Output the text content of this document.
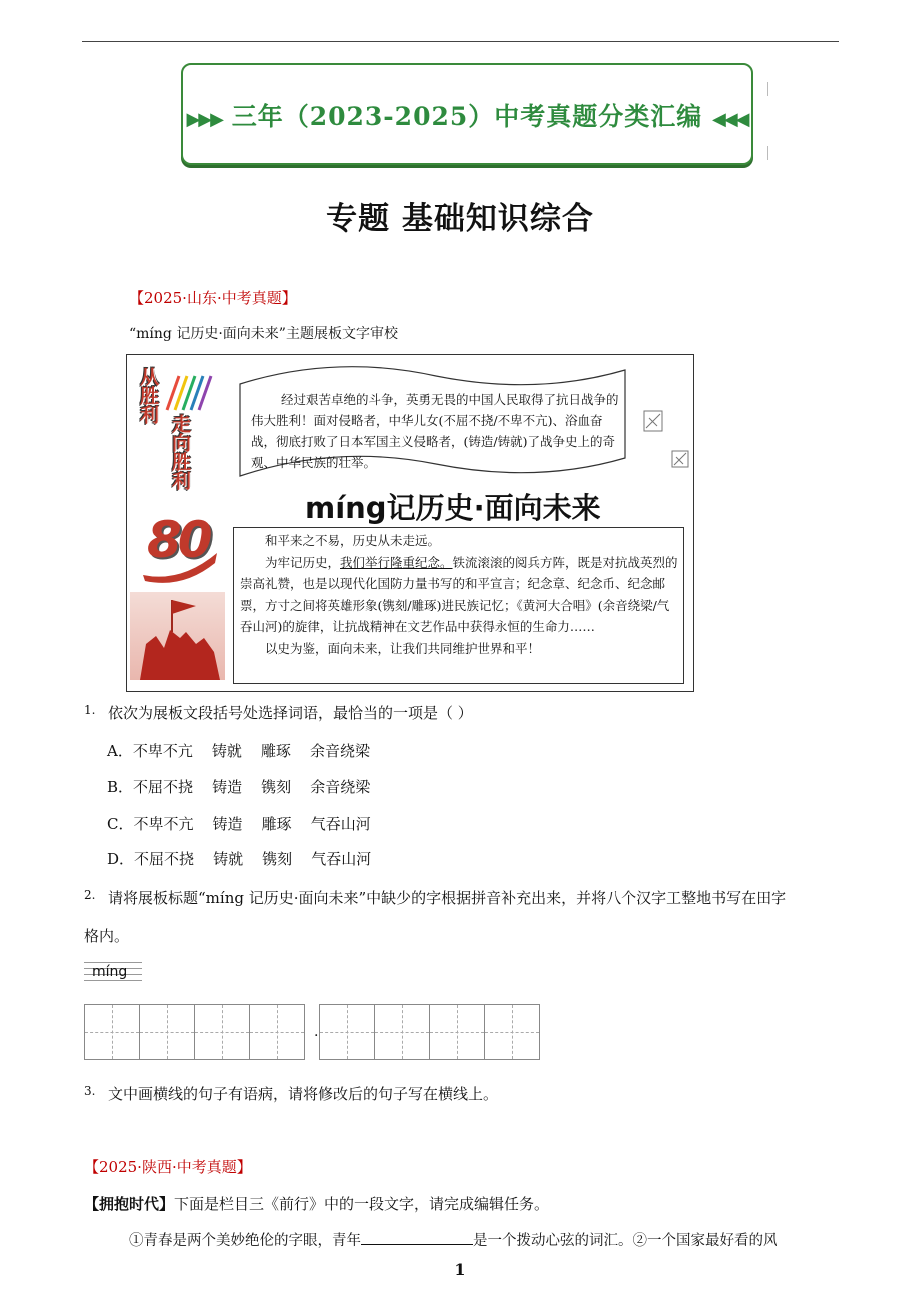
▶▶▶ 三年（2023-2025）中考真题分类汇编 ◀◀◀
专题 基础知识综合
【2025·山东·中考真题】
“míng 记历史·面向未来”主题展板文字审校
从胜利
走向胜利
80
经过艰苦卓绝的斗争，英勇无畏的中国人民取得了抗日战争的伟大胜利！面对侵略者，中华儿女(不屈不挠/不卑不亢)、浴血奋战，彻底打败了日本军国主义侵略者，(铸造/铸就)了战争史上的奇观、中华民族的壮举。
míng记历史·面向未来

和平来之不易，历史从未走远。

为牢记历史，我们举行隆重纪念。铁流滚滚的阅兵方阵，既是对抗战英烈的崇高礼赞，也是以现代化国防力量书写的和平宣言；纪念章、纪念币、纪念邮票，方寸之间将英雄形象(镌刻/雕琢)进民族记忆；《黄河大合唱》(余音绕梁/气吞山河)的旋律，让抗战精神在文艺作品中获得永恒的生命力……

以史为鉴，面向未来，让我们共同维护世界和平！

1. 依次为展板文段括号处选择词语，最恰当的一项是（ ）
A．不卑不亢    铸就    雕琢    余音绕梁
B．不屈不挠    铸造    镌刻    余音绕梁
C．不卑不亢    铸造    雕琢    气吞山河
D．不屈不挠    铸就    镌刻    气吞山河
2. 请将展板标题“míng 记历史·面向未来”中缺少的字根据拼音补充出来，并将八个汉字工整地书写在田字
格内。
míng
.
3. 文中画横线的句子有语病，请将修改后的句子写在横线上。
【2025·陕西·中考真题】
【拥抱时代】下面是栏目三《前行》中的一段文字，请完成编辑任务。
①青春是两个美妙绝伦的字眼，青年	是一个拨动心弦的词汇。②一个国家最好看的风
1
